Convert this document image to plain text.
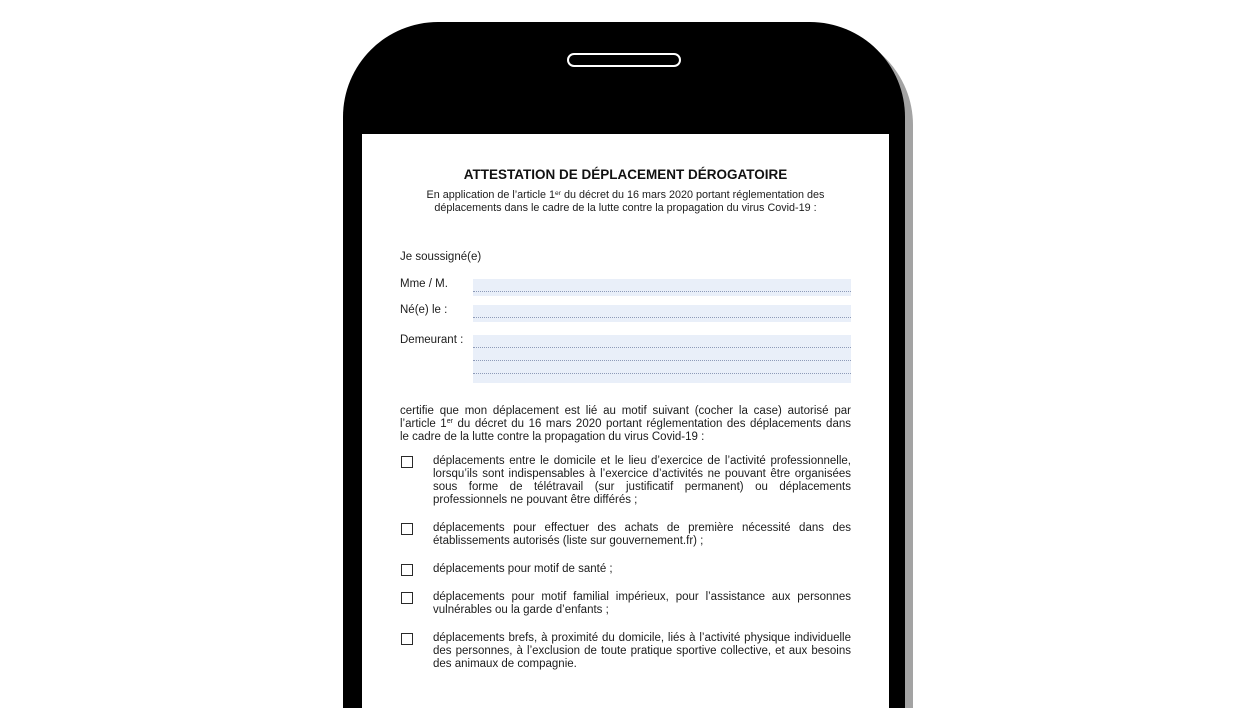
ATTESTATION DE DÉPLACEMENT DÉROGATOIRE
En application de l’article 1er du décret du 16 mars 2020 portant réglementation des
déplacements dans le cadre de la lutte contre la propagation du virus Covid-19 :
Je soussigné(e)
Mme / M.
Né(e) le :
Demeurant :
certifie que mon déplacement est lié au motif suivant (cocher la case) autorisé par
l’article 1er du décret du 16 mars 2020 portant réglementation des déplacements dans
le cadre de la lutte contre la propagation du virus Covid-19 :
déplacements entre le domicile et le lieu d’exercice de l’activité professionnelle,
lorsqu’ils sont indispensables à l’exercice d’activités ne pouvant être organisées
sous forme de télétravail (sur justificatif permanent) ou déplacements
professionnels ne pouvant être différés ;
déplacements pour effectuer des achats de première nécessité dans des
établissements autorisés (liste sur gouvernement.fr) ;
déplacements pour motif de santé ;
déplacements pour motif familial impérieux, pour l’assistance aux personnes
vulnérables ou la garde d’enfants ;
déplacements brefs, à proximité du domicile, liés à l’activité physique individuelle
des personnes, à l’exclusion de toute pratique sportive collective, et aux besoins
des animaux de compagnie.
